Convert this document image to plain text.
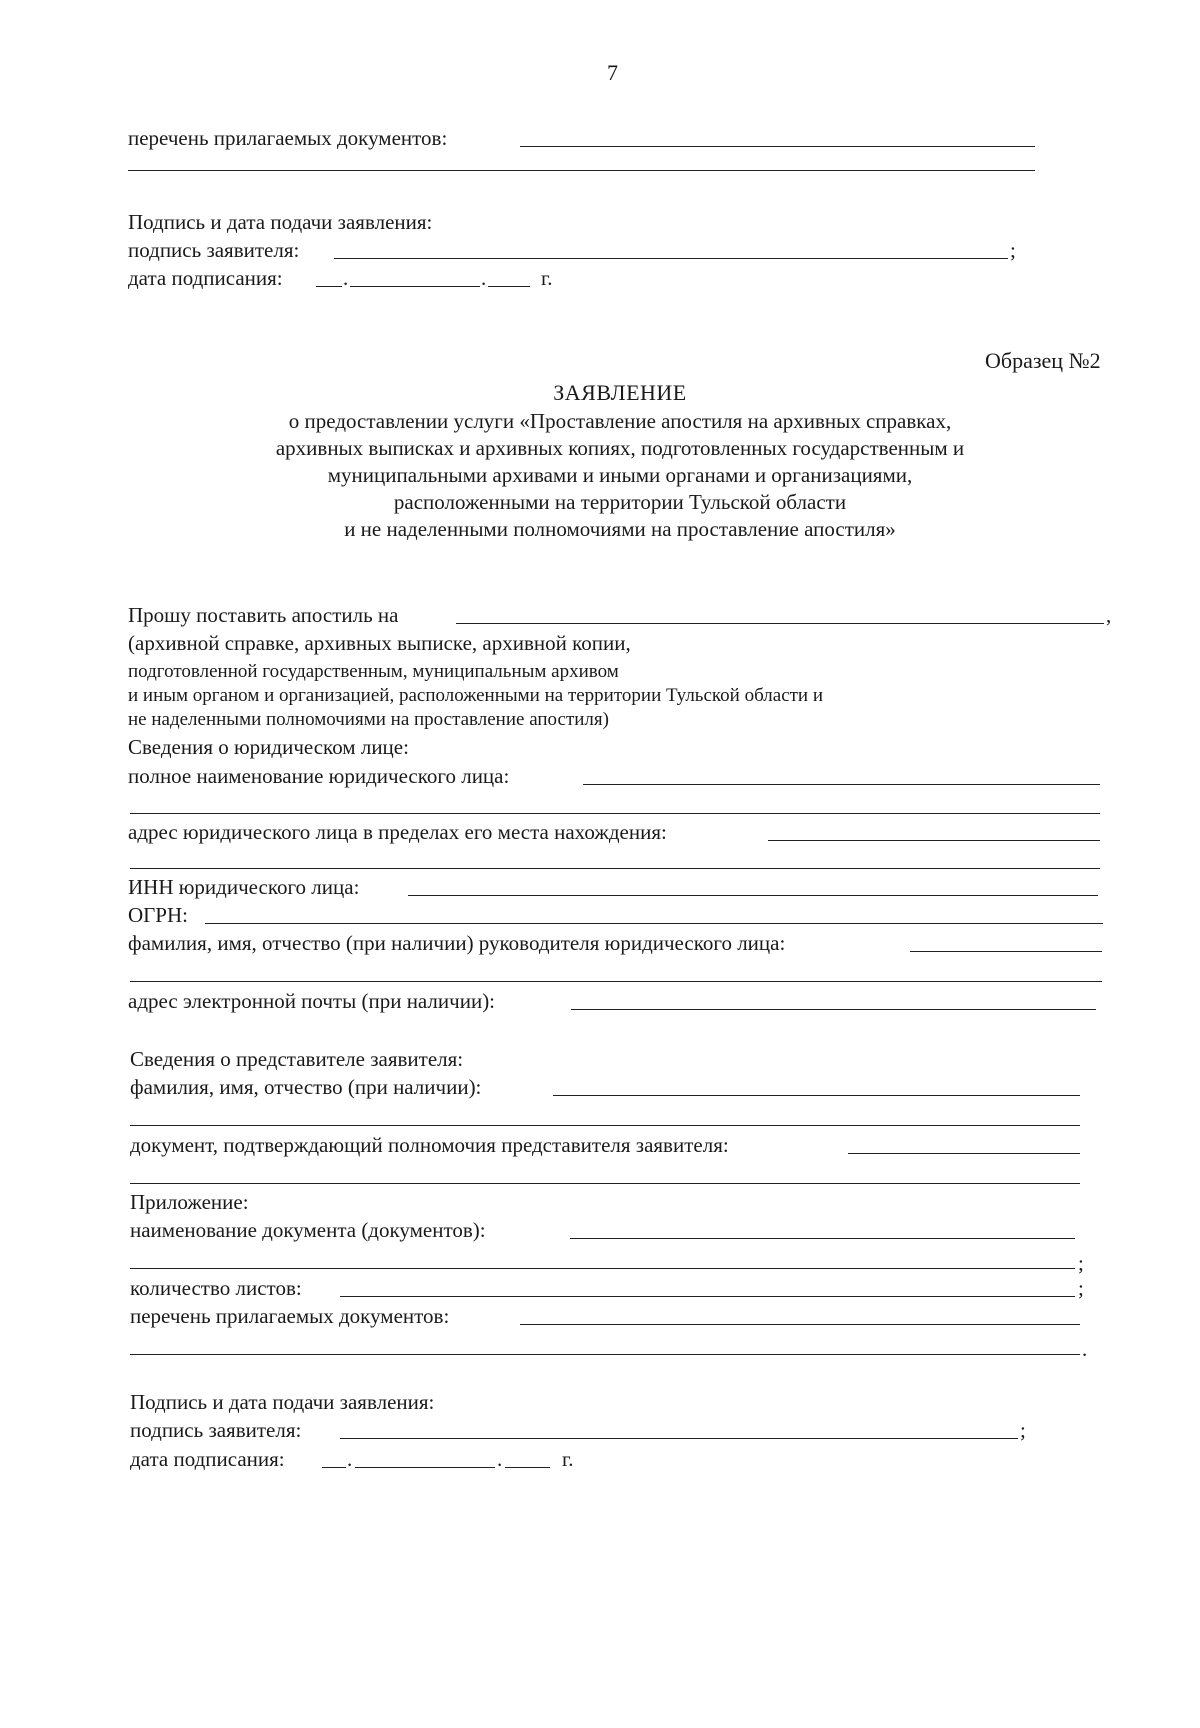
7
перечень прилагаемых документов:
Подпись и дата подачи заявления:
подпись заявителя:	;
дата подписания:	.	.	г.
Образец №2
ЗАЯВЛЕНИЕ
о предоставлении услуги «Проставление апостиля на архивных справках,
архивных выписках и архивных копиях, подготовленных государственным и
муниципальными архивами и иными органами и организациями,
расположенными на территории Тульской области
и не наделенными полномочиями на проставление апостиля»
Прошу поставить апостиль на	,
(архивной справке, архивных выписке, архивной копии,
подготовленной государственным, муниципальным архивом
и иным органом и организацией, расположенными на территории Тульской области и
не наделенными полномочиями на проставление апостиля)
Сведения о юридическом лице:
полное наименование юридического лица:
адрес юридического лица в пределах его места нахождения:
ИНН юридического лица:
ОГРН:
фамилия, имя, отчество (при наличии) руководителя юридического лица:
адрес электронной почты (при наличии):
Сведения о представителе заявителя:
фамилия, имя, отчество (при наличии):
документ, подтверждающий полномочия представителя заявителя:
Приложение:
наименование документа (документов):
;
количество листов:	;
перечень прилагаемых документов:
.
Подпись и дата подачи заявления:
подпись заявителя:	;
дата подписания:	.	.	г.
